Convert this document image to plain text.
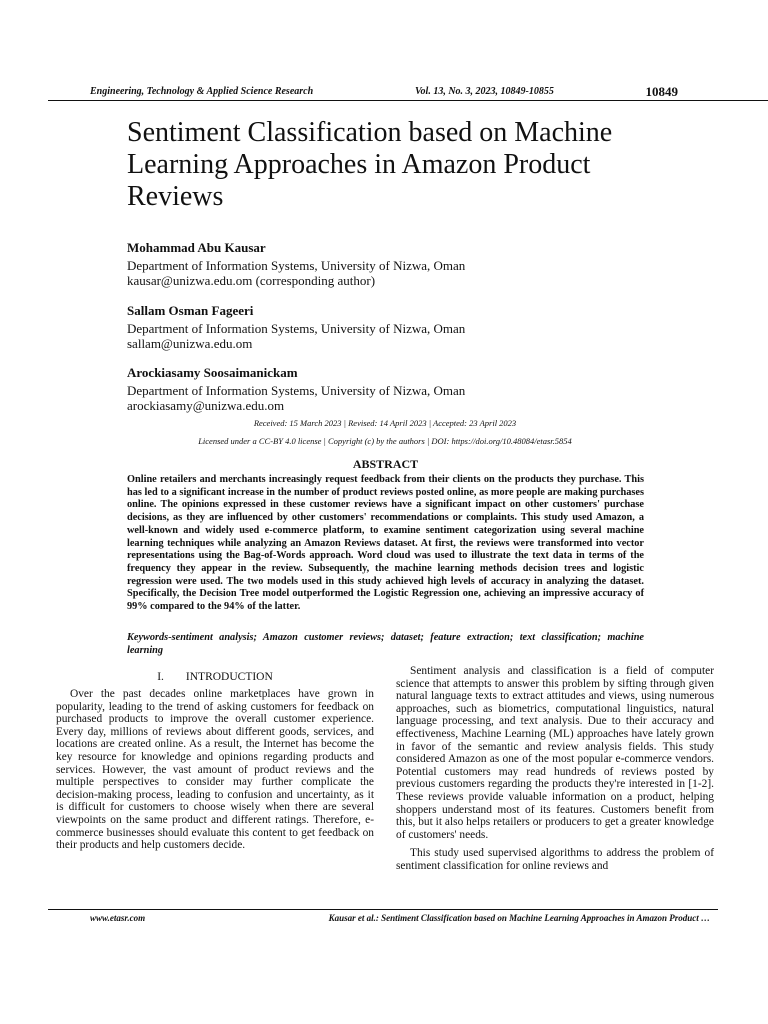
Engineering, Technology & Applied Science Research	Vol. 13, No. 3, 2023, 10849-10855	10849
Sentiment Classification based on Machine Learning Approaches in Amazon Product Reviews
Mohammad Abu Kausar
Department of Information Systems, University of Nizwa, Oman
kausar@unizwa.edu.om (corresponding author)
Sallam Osman Fageeri
Department of Information Systems, University of Nizwa, Oman
sallam@unizwa.edu.om
Arockiasamy Soosaimanickam
Department of Information Systems, University of Nizwa, Oman
arockiasamy@unizwa.edu.om
Received: 15 March 2023 | Revised: 14 April 2023 | Accepted: 23 April 2023
Licensed under a CC-BY 4.0 license | Copyright (c) by the authors | DOI: https://doi.org/10.48084/etasr.5854
ABSTRACT
Online retailers and merchants increasingly request feedback from their clients on the products they purchase. This has led to a significant increase in the number of product reviews posted online, as more people are making purchases online. The opinions expressed in these customer reviews have a significant impact on other customers' purchase decisions, as they are influenced by other customers' recommendations or complaints. This study used Amazon, a well-known and widely used e-commerce platform, to examine sentiment categorization using several machine learning techniques while analyzing an Amazon Reviews dataset. At first, the reviews were transformed into vector representations using the Bag-of-Words approach. Word cloud was used to illustrate the text data in terms of the frequency they appear in the review. Subsequently, the machine learning methods decision trees and logistic regression were used. The two models used in this study achieved high levels of accuracy in analyzing the dataset. Specifically, the Decision Tree model outperformed the Logistic Regression one, achieving an impressive accuracy of 99% compared to the 94% of the latter.
Keywords-sentiment analysis; Amazon customer reviews; dataset; feature extraction; text classification; machine learning
I. INTRODUCTION

Over the past decades online marketplaces have grown in popularity, leading to the trend of asking customers for feedback on purchased products to improve the overall customer experience. Every day, millions of reviews about different goods, services, and locations are created online. As a result, the Internet has become the key resource for knowledge and opinions regarding products and services. However, the vast amount of product reviews and the multiple perspectives to consider may further complicate the decision-making process, leading to confusion and uncertainty, as it is difficult for customers to choose wisely when there are several viewpoints on the same product and different ratings. Therefore, e-commerce businesses should evaluate this content to get feedback on their products and help customers decide.

Sentiment analysis and classification is a field of computer science that attempts to answer this problem by sifting through given natural language texts to extract attitudes and views, using numerous approaches, such as biometrics, computational linguistics, natural language processing, and text analysis. Due to their accuracy and effectiveness, Machine Learning (ML) approaches have lately grown in favor of the semantic and review analysis fields. This study considered Amazon as one of the most popular e-commerce vendors. Potential customers may read hundreds of reviews posted by previous customers regarding the products they're interested in [1-2]. These reviews provide valuable information on a product, helping shoppers understand most of its features. Customers benefit from this, but it also helps retailers or producers to get a greater knowledge of customers' needs.

This study used supervised algorithms to address the problem of sentiment classification for online reviews and

www.etasr.com	Kausar et al.: Sentiment Classification based on Machine Learning Approaches in Amazon Product …
